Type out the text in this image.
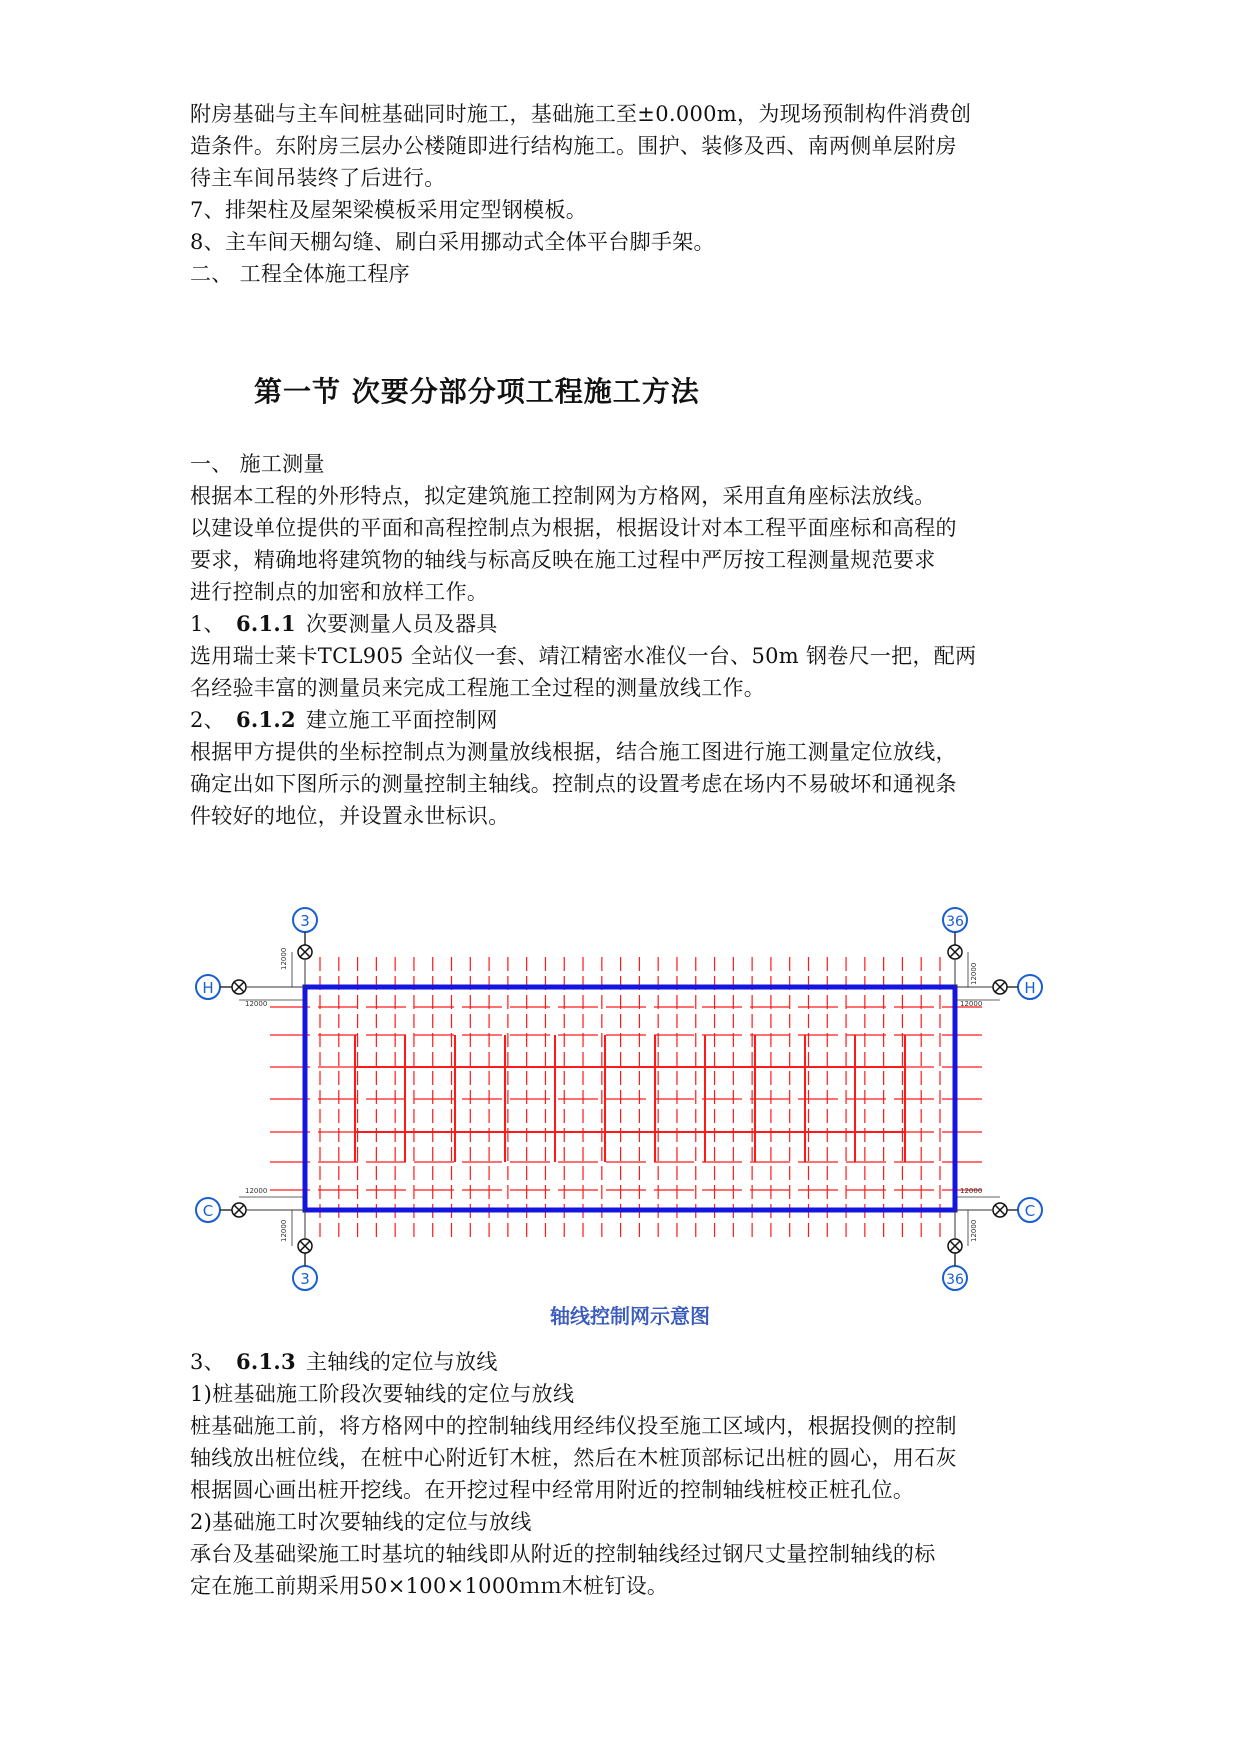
附房基础与主车间桩基础同时施工，基础施工至±0.000m，为现场预制构件消费创
造条件。东附房三层办公楼随即进行结构施工。围护、装修及西、南两侧单层附房
待主车间吊装终了后进行。
7、排架柱及屋架梁模板采用定型钢模板。
8、主车间天棚勾缝、刷白采用挪动式全体平台脚手架。
二、 工程全体施工程序
第一节 次要分部分项工程施工方法
一、 施工测量
根据本工程的外形特点，拟定建筑施工控制网为方格网，采用直角座标法放线。
以建设单位提供的平面和高程控制点为根据，根据设计对本工程平面座标和高程的
要求，精确地将建筑物的轴线与标高反映在施工过程中严厉按工程测量规范要求
进行控制点的加密和放样工作。
1、 6.1.1 次要测量人员及器具
选用瑞士莱卡TCL905 全站仪一套、靖江精密水准仪一台、50m 钢卷尺一把，配两
名经验丰富的测量员来完成工程施工全过程的测量放线工作。
2、 6.1.2 建立施工平面控制网
根据甲方提供的坐标控制点为测量放线根据，结合施工图进行施工测量定位放线，
确定出如下图所示的测量控制主轴线。控制点的设置考虑在场内不易破坏和通视条
件较好的地位，并设置永世标识。
3
12000
H
12000
36
12000
H
12000
3
12000
C
12000
36
12000
C
12000
轴线控制网示意图
3、 6.1.3 主轴线的定位与放线
1)桩基础施工阶段次要轴线的定位与放线
桩基础施工前，将方格网中的控制轴线用经纬仪投至施工区域内，根据投侧的控制
轴线放出桩位线，在桩中心附近钉木桩，然后在木桩顶部标记出桩的圆心，用石灰
根据圆心画出桩开挖线。在开挖过程中经常用附近的控制轴线桩校正桩孔位。
2)基础施工时次要轴线的定位与放线
承台及基础梁施工时基坑的轴线即从附近的控制轴线经过钢尺丈量控制轴线的标
定在施工前期采用50×100×1000ｍｍ木桩钉设。
